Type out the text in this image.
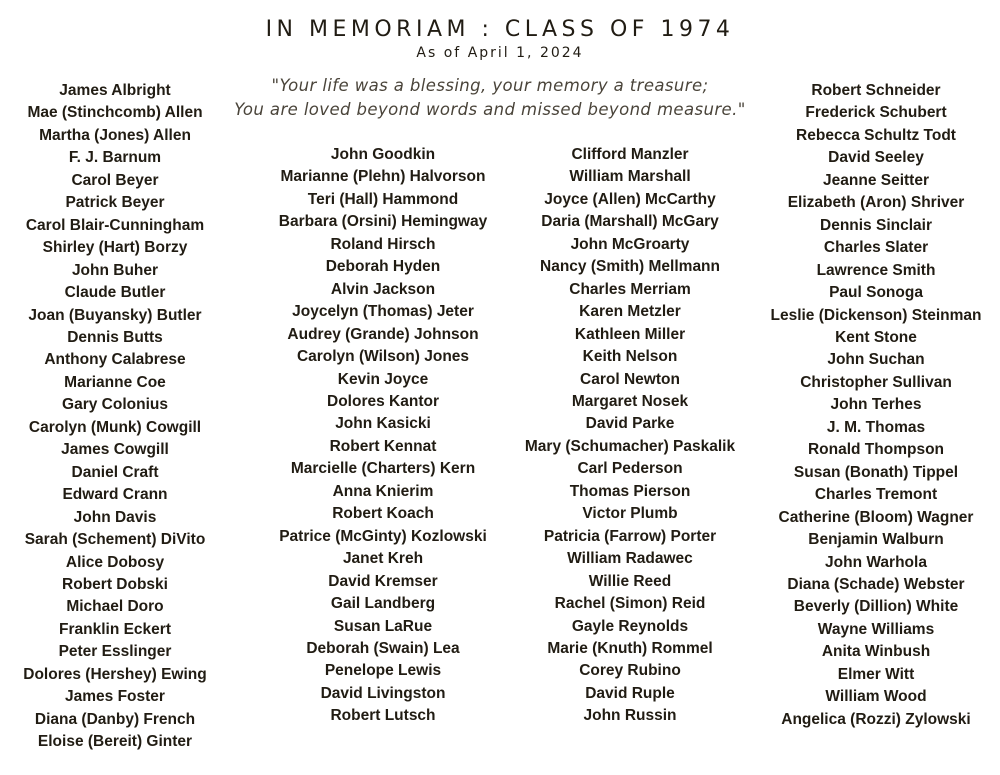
IN MEMORIAM : CLASS OF 1974
As of April 1, 2024
"Your life was a blessing, your memory a treasure;
You are loved beyond words and missed beyond measure."
James Albright
Mae (Stinchcomb) Allen
Martha (Jones) Allen
F. J. Barnum
Carol Beyer
Patrick Beyer
Carol Blair-Cunningham
Shirley (Hart) Borzy
John Buher
Claude Butler
Joan (Buyansky) Butler
Dennis Butts
Anthony Calabrese
Marianne Coe
Gary Colonius
Carolyn (Munk) Cowgill
James Cowgill
Daniel Craft
Edward Crann
John Davis
Sarah (Schement) DiVito
Alice Dobosy
Robert Dobski
Michael Doro
Franklin Eckert
Peter Esslinger
Dolores (Hershey) Ewing
James Foster
Diana (Danby) French
Eloise (Bereit) Ginter
John Goodkin
Marianne (Plehn) Halvorson
Teri (Hall) Hammond
Barbara (Orsini) Hemingway
Roland Hirsch
Deborah Hyden
Alvin Jackson
Joycelyn (Thomas) Jeter
Audrey (Grande) Johnson
Carolyn (Wilson) Jones
Kevin Joyce
Dolores Kantor
John Kasicki
Robert Kennat
Marcielle (Charters) Kern
Anna Knierim
Robert Koach
Patrice (McGinty) Kozlowski
Janet Kreh
David Kremser
Gail Landberg
Susan LaRue
Deborah (Swain) Lea
Penelope Lewis
David Livingston
Robert Lutsch
Clifford Manzler
William Marshall
Joyce (Allen) McCarthy
Daria (Marshall) McGary
John McGroarty
Nancy (Smith) Mellmann
Charles Merriam
Karen Metzler
Kathleen Miller
Keith Nelson
Carol Newton
Margaret Nosek
David Parke
Mary (Schumacher) Paskalik
Carl Pederson
Thomas Pierson
Victor Plumb
Patricia (Farrow) Porter
William Radawec
Willie Reed
Rachel (Simon) Reid
Gayle Reynolds
Marie (Knuth) Rommel
Corey Rubino
David Ruple
John Russin
Robert Schneider
Frederick Schubert
Rebecca Schultz Todt
David Seeley
Jeanne Seitter
Elizabeth (Aron) Shriver
Dennis Sinclair
Charles Slater
Lawrence Smith
Paul Sonoga
Leslie (Dickenson) Steinman
Kent Stone
John Suchan
Christopher Sullivan
John Terhes
J. M. Thomas
Ronald Thompson
Susan (Bonath) Tippel
Charles Tremont
Catherine (Bloom) Wagner
Benjamin Walburn
John Warhola
Diana (Schade) Webster
Beverly (Dillion) White
Wayne Williams
Anita Winbush
Elmer Witt
William Wood
Angelica (Rozzi) Zylowski
